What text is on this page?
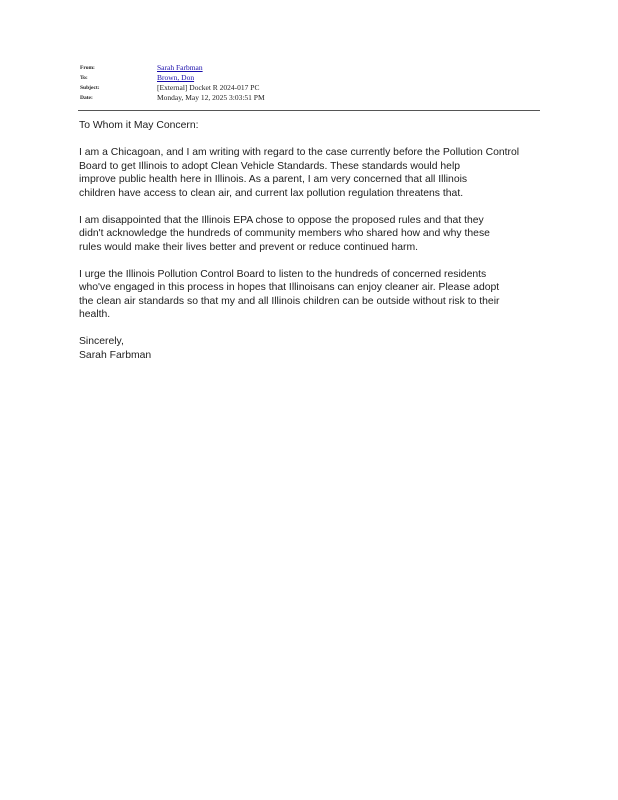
From:	Sarah Farbman
To:	Brown, Don
Subject:	[External] Docket R 2024-017 PC
Date:	Monday, May 12, 2025 3:03:51 PM

To Whom it May Concern:

I am a Chicagoan, and I am writing with regard to the case currently before the Pollution Control
Board to get Illinois to adopt Clean Vehicle Standards. These standards would help
improve public health here in Illinois. As a parent, I am very concerned that all Illinois
children have access to clean air, and current lax pollution regulation threatens that.

I am disappointed that the Illinois EPA chose to oppose the proposed rules and that they
didn't acknowledge the hundreds of community members who shared how and why these
rules would make their lives better and prevent or reduce continued harm.

I urge the Illinois Pollution Control Board to listen to the hundreds of concerned residents
who've engaged in this process in hopes that Illinoisans can enjoy cleaner air. Please adopt
the clean air standards so that my and all Illinois children can be outside without risk to their
health.

Sincerely,
Sarah Farbman
